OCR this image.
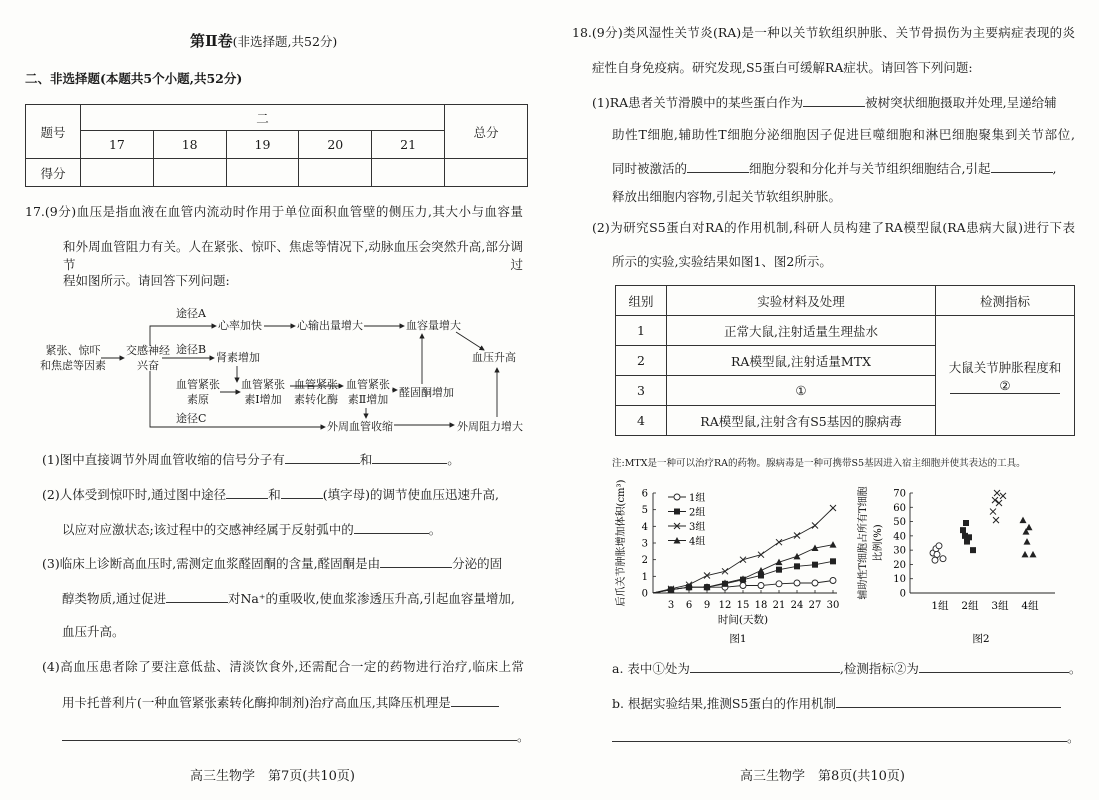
第Ⅱ卷(非选择题,共52分)
二、非选择题(本题共5个小题,共52分)
题号	二					总分
	17	18	19	20	21	
得分						
17.(9分)血压是指血液在血管内流动时作用于单位面积血管壁的侧压力,其大小与血容量
和外周血管阻力有关。人在紧张、惊吓、焦虑等情况下,动脉血压会突然升高,部分调节过
程如图所示。请回答下列问题:
紧张、惊吓
和焦虑等因素
交感神经
兴奋
途径A
途径B
途径C
心率加快	心输出量增大	血容量增大
血压升高
肾素增加
血管紧张
素原
血管紧张
素Ⅰ增加
血管紧张
素转化酶
血管紧张
素Ⅱ增加
醛固酮增加
外周血管收缩	外周阻力增大
(1)图中直接调节外周血管收缩的信号分子有	和	。
(2)人体受到惊吓时,通过图中途径	和	(填字母)的调节使血压迅速升高,
以应对应激状态;该过程中的交感神经属于反射弧中的	。
(3)临床上诊断高血压时,需测定血浆醛固酮的含量,醛固酮是由	分泌的固
醇类物质,通过促进	对Na⁺的重吸收,使血浆渗透压升高,引起血容量增加,
血压升高。
(4)高血压患者除了要注意低盐、清淡饮食外,还需配合一定的药物进行治疗,临床上常
用卡托普利片(一种血管紧张素转化酶抑制剂)治疗高血压,其降压机理是
。
高三生物学　第7页(共10页)
18.(9分)类风湿性关节炎(RA)是一种以关节软组织肿胀、关节骨损伤为主要病症表现的炎
症性自身免疫病。研究发现,S5蛋白可缓解RA症状。请回答下列问题:
(1)RA患者关节滑膜中的某些蛋白作为	被树突状细胞摄取并处理,呈递给辅
助性T细胞,辅助性T细胞分泌细胞因子促进巨噬细胞和淋巴细胞聚集到关节部位,
同时被激活的	细胞分裂和分化并与关节组织细胞结合,引起	,
释放出细胞内容物,引起关节软组织肿胀。
(2)为研究S5蛋白对RA的作用机制,科研人员构建了RA模型鼠(RA患病大鼠)进行下表
所示的实验,实验结果如图1、图2所示。
组别	实验材料及处理	检测指标
1	正常大鼠,注射适量生理盐水	大鼠关节肿胀程度和
②

2	RA模型鼠,注射适量MTX	
3	①	
4	RA模型鼠,注射含有S5基因的腺病毒	
注:MTX是一种可以治疗RA的药物。腺病毒是一种可携带S5基因进入宿主细胞并使其表达的工具。
0
1
2
3
4
5
6
3 6 9 12 15 18 21 24 27 30
时间(天数)
后爪关节肿胀增加体积(cm³)
图1
1组
2组
3组
4组
0
10
20
30
40
50
60
70
辅助性T细胞占所有T细胞 比例(%)
图2
1组 2组 3组 4组
a. 表中①处为	,检测指标②为	。
b. 根据实验结果,推测S5蛋白的作用机制
。
高三生物学　第8页(共10页)
